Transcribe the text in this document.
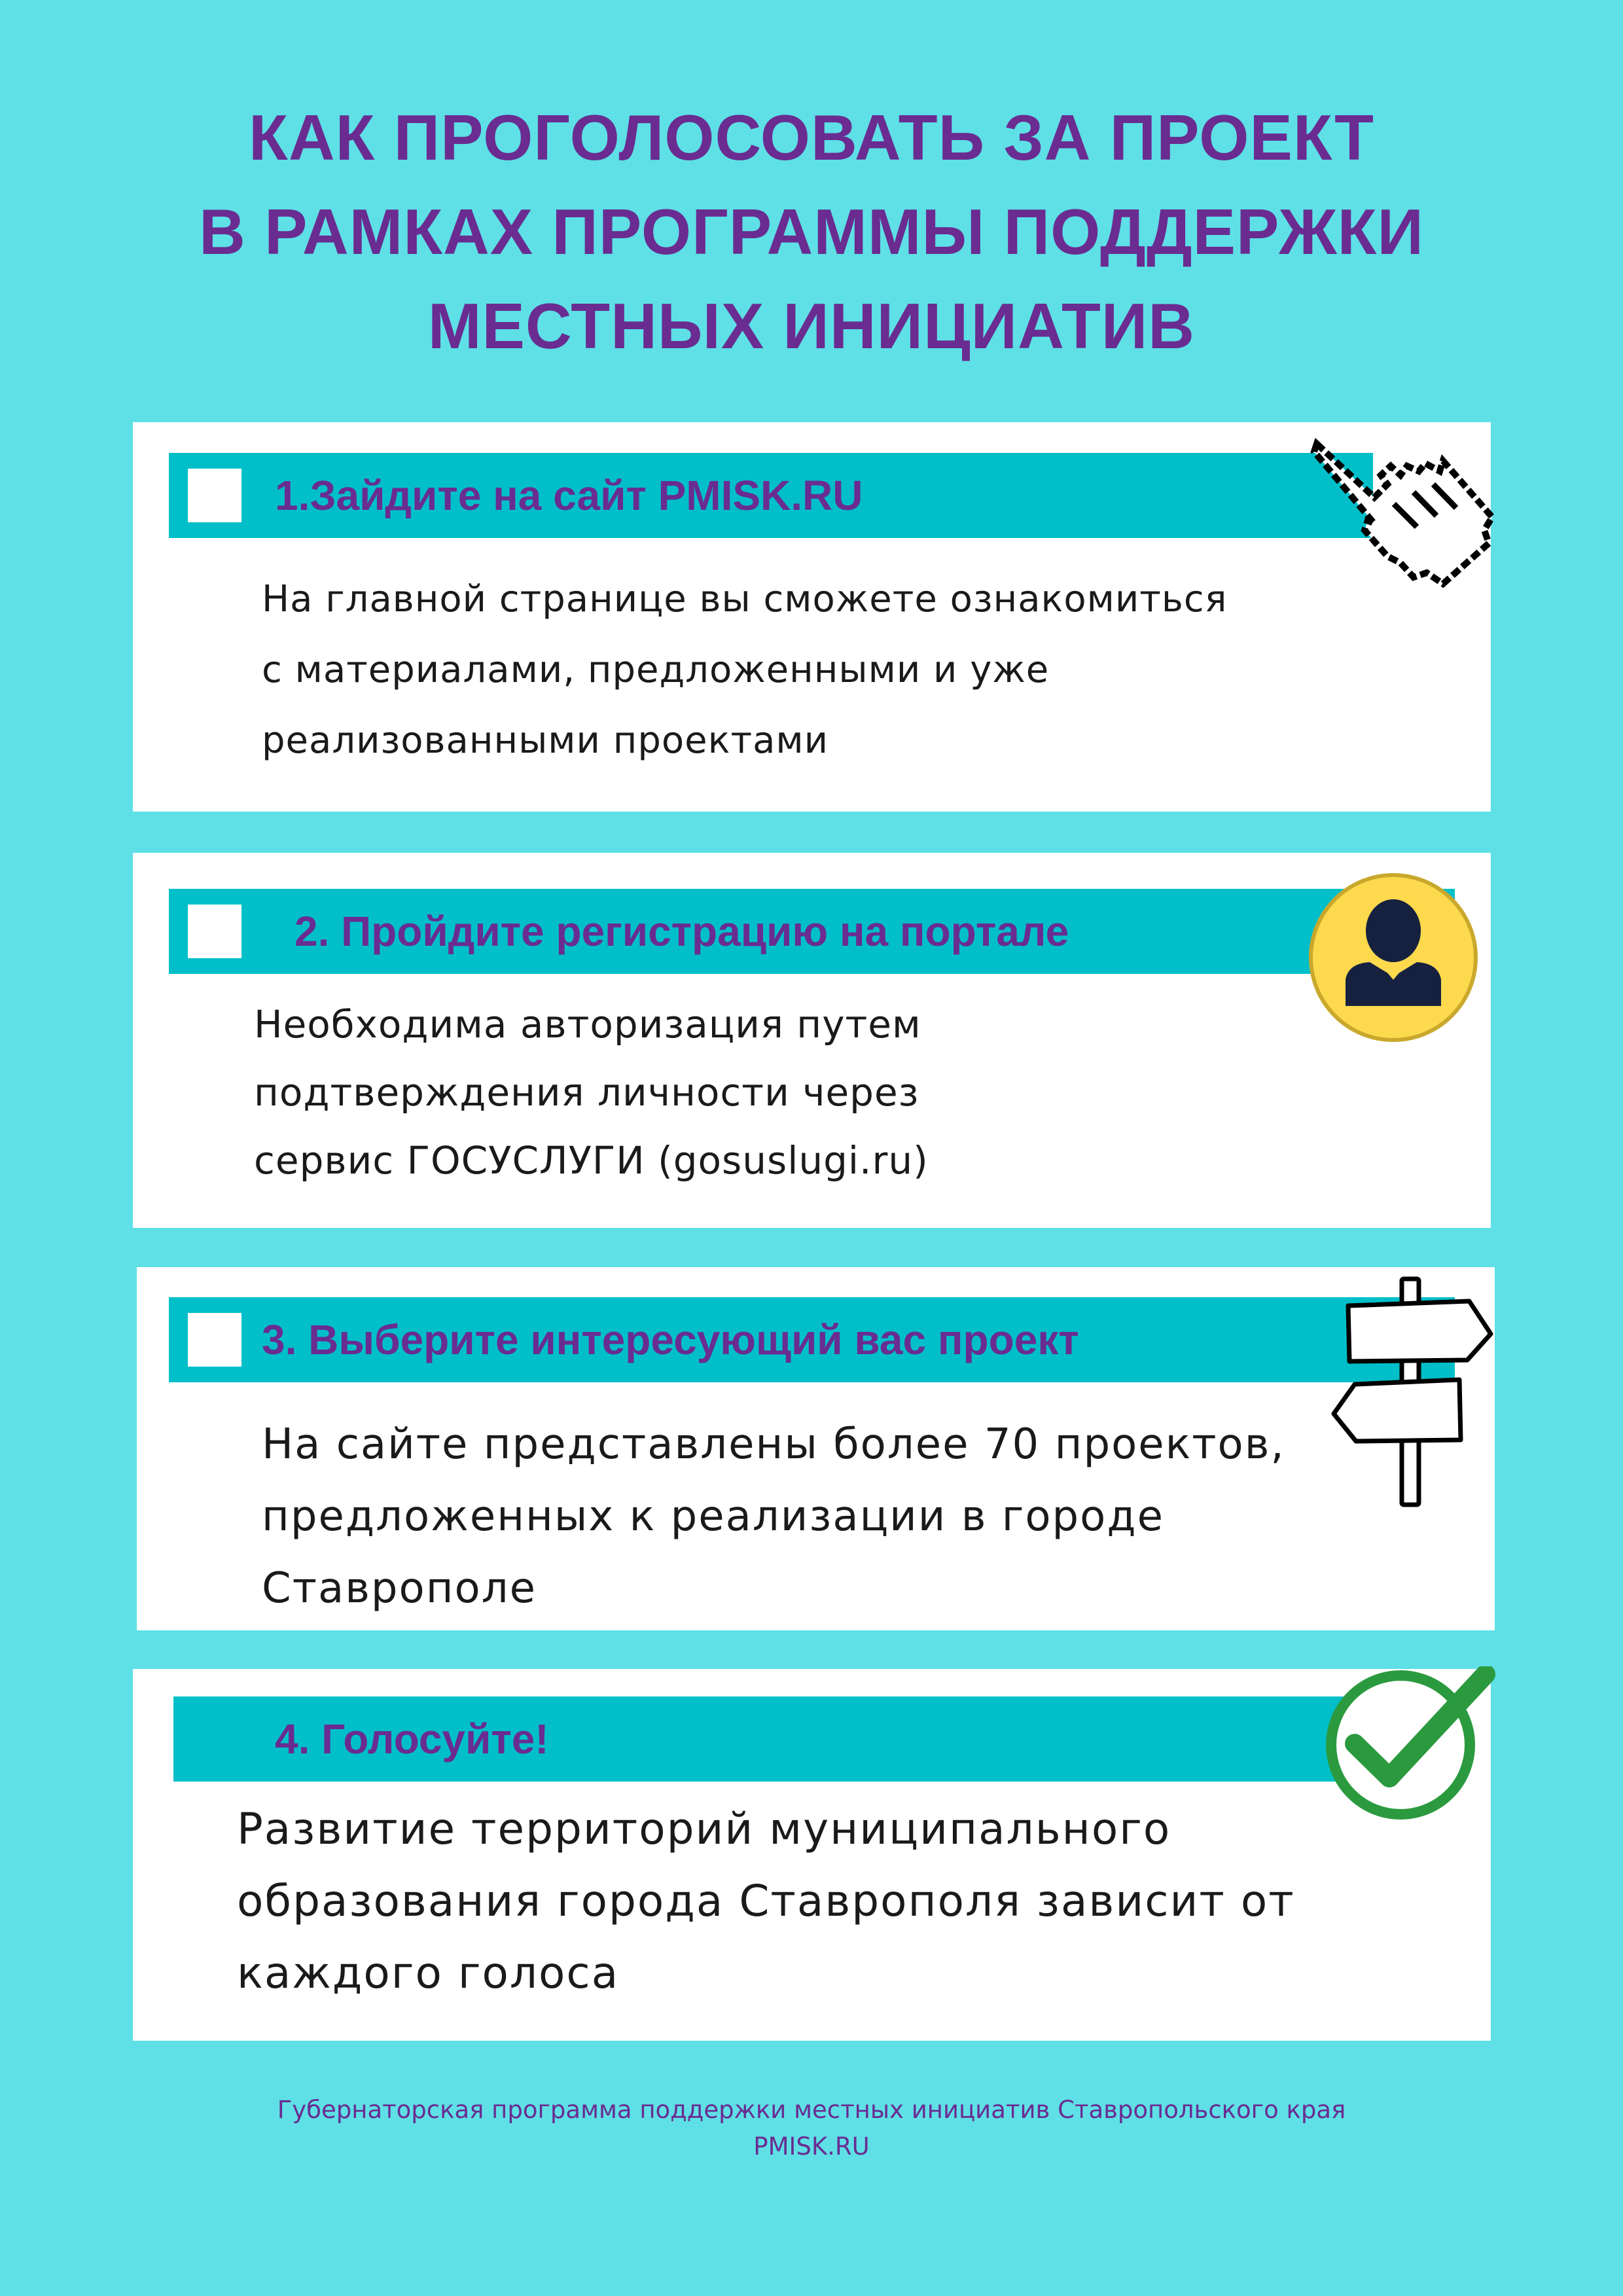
КАК ПРОГОЛОСОВАТЬ ЗА ПРОЕКТ
В РАМКАХ ПРОГРАММЫ ПОДДЕРЖКИ
МЕСТНЫХ ИНИЦИАТИВ
1.Зайдите на сайт PMISK.RU
На главной странице вы сможете ознакомиться
с материалами, предложенными и уже
реализованными проектами
2. Пройдите регистрацию на портале
Необходима авторизация путем
подтверждения личности через
сервис ГОСУСЛУГИ (gosuslugi.ru)
3. Выберите интересующий вас проект
На сайте представлены более 70 проектов,
предложенных к реализации в городе
Ставрополе
4. Голосуйте!
Развитие территорий муниципального
образования города Ставрополя зависит от
каждого голоса
Губернаторская программа поддержки местных инициатив Ставропольского края
PMISK.RU
